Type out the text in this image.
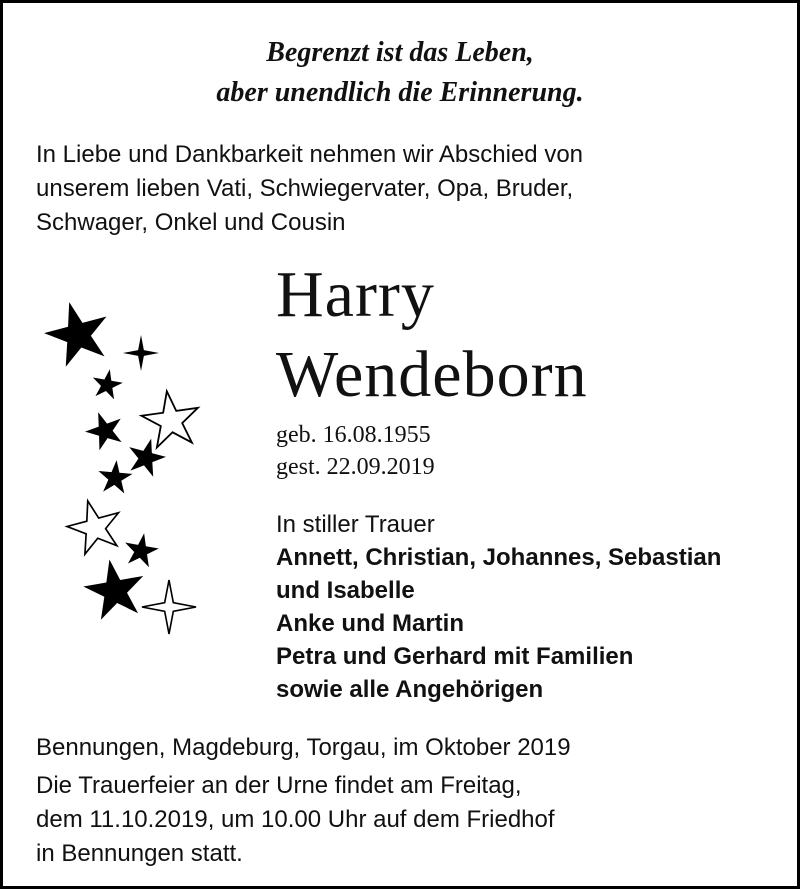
Begrenzt ist das Leben,
aber unendlich die Erinnerung.
In Liebe und Dankbarkeit nehmen wir Abschied von
unserem lieben Vati, Schwiegervater, Opa, Bruder,
Schwager, Onkel und Cousin
Harry
Wendeborn
geb. 16.08.1955
gest. 22.09.2019
In stiller Trauer
Annett, Christian, Johannes, Sebastian
und Isabelle
Anke und Martin
Petra und Gerhard mit Familien
sowie alle Angehörigen
Bennungen, Magdeburg, Torgau, im Oktober 2019
Die Trauerfeier an der Urne findet am Freitag,
dem 11.10.2019, um 10.00 Uhr auf dem Friedhof
in Bennungen statt.
